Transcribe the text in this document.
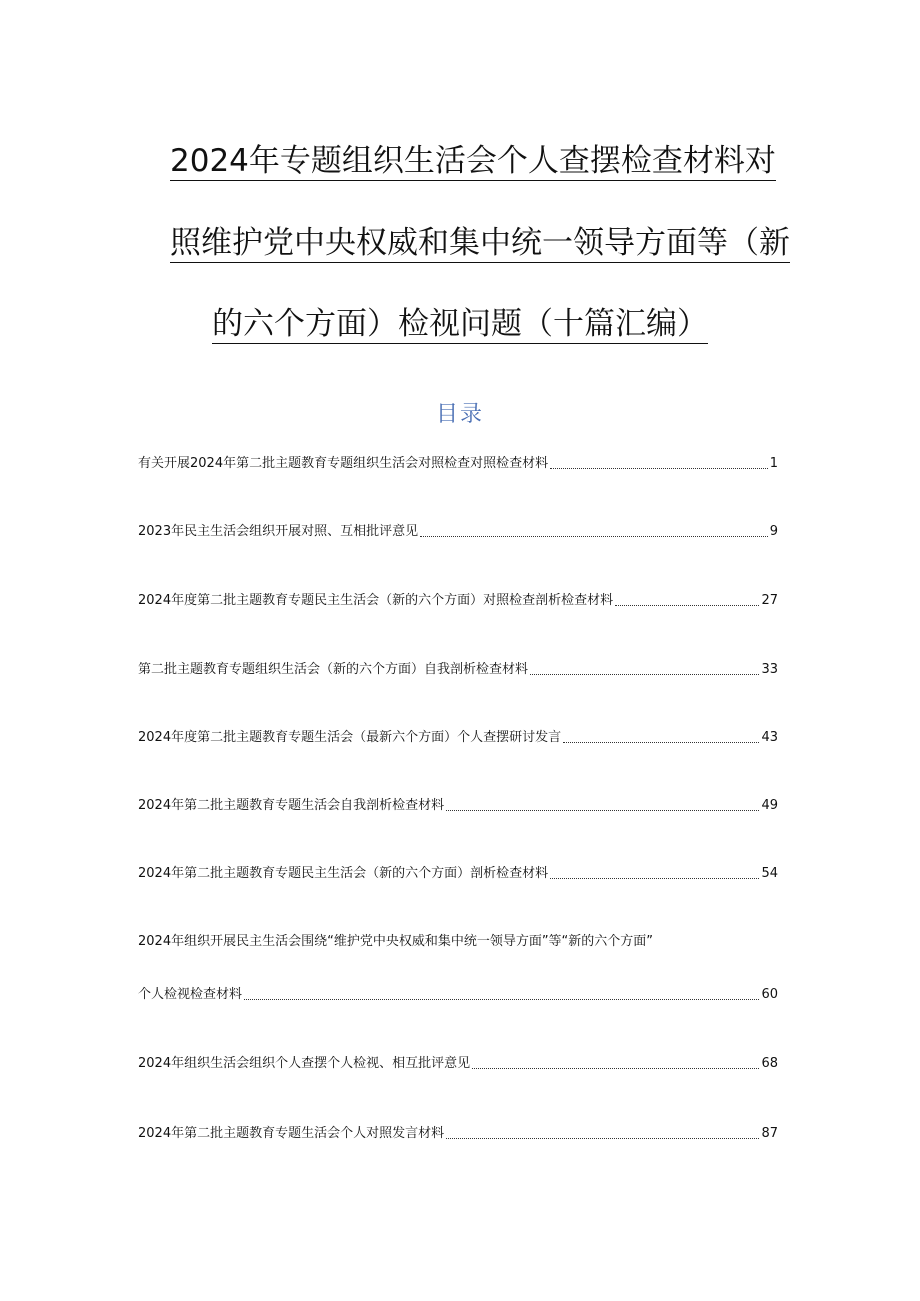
2024年专题组织生活会个人查摆检查材料对
照维护党中央权威和集中统一领导方面等（新
的六个方面）检视问题（十篇汇编）
目录
有关开展2024年第二批主题教育专题组织生活会对照检查对照检查材料	1
2023年民主生活会组织开展对照、互相批评意见	9
2024年度第二批主题教育专题民主生活会（新的六个方面）对照检查剖析检查材料	27
第二批主题教育专题组织生活会（新的六个方面）自我剖析检查材料	33
2024年度第二批主题教育专题生活会（最新六个方面）个人查摆研讨发言	43
2024年第二批主题教育专题生活会自我剖析检查材料	49
2024年第二批主题教育专题民主生活会（新的六个方面）剖析检查材料	54
2024年组织开展民主生活会围绕“维护党中央权威和集中统一领导方面”等“新的六个方面”
个人检视检查材料	60
2024年组织生活会组织个人查摆个人检视、相互批评意见	68
2024年第二批主题教育专题生活会个人对照发言材料	87
